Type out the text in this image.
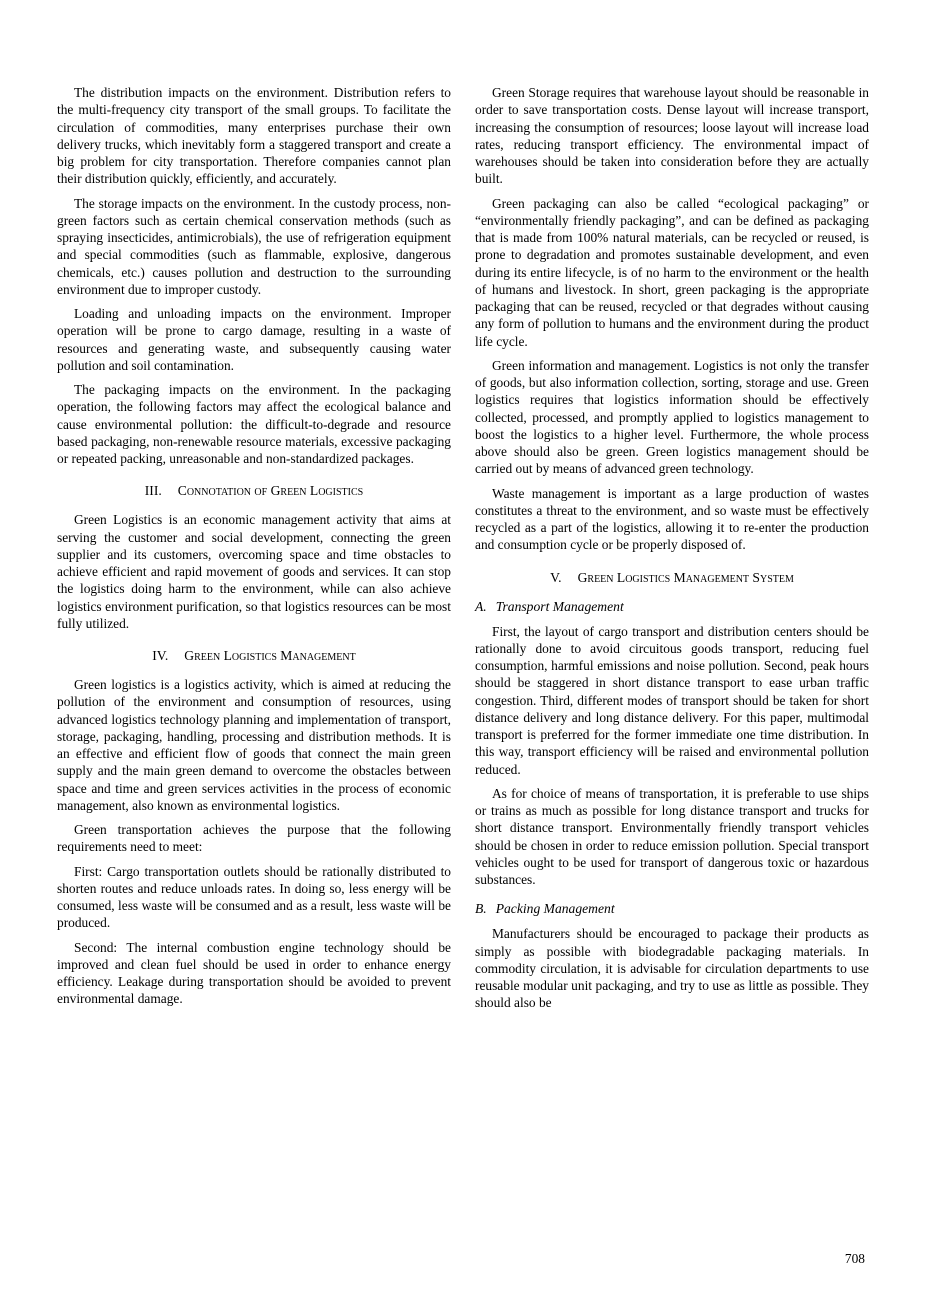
The distribution impacts on the environment. Distribution refers to the multi-frequency city transport of the small groups. To facilitate the circulation of commodities, many enterprises purchase their own delivery trucks, which inevitably form a staggered transport and create a big problem for city transportation. Therefore companies cannot plan their distribution quickly, efficiently, and accurately.

The storage impacts on the environment. In the custody process, non-green factors such as certain chemical conservation methods (such as spraying insecticides, antimicrobials), the use of refrigeration equipment and special commodities (such as flammable, explosive, dangerous chemicals, etc.) causes pollution and destruction to the surrounding environment due to improper custody.

Loading and unloading impacts on the environment. Improper operation will be prone to cargo damage, resulting in a waste of resources and generating waste, and subsequently causing water pollution and soil contamination.

The packaging impacts on the environment. In the packaging operation, the following factors may affect the ecological balance and cause environmental pollution: the difficult-to-degrade and resource based packaging, non-renewable resource materials, excessive packaging or repeated packing, unreasonable and non-standardized packages.

III. Connotation of Green Logistics

Green Logistics is an economic management activity that aims at serving the customer and social development, connecting the green supplier and its customers, overcoming space and time obstacles to achieve efficient and rapid movement of goods and services. It can stop the logistics doing harm to the environment, while can also achieve logistics environment purification, so that logistics resources can be most fully utilized.

IV. Green Logistics Management

Green logistics is a logistics activity, which is aimed at reducing the pollution of the environment and consumption of resources, using advanced logistics technology planning and implementation of transport, storage, packaging, handling, processing and distribution methods. It is an effective and efficient flow of goods that connect the main green supply and the main green demand to overcome the obstacles between space and time and green services activities in the process of economic management, also known as environmental logistics.

Green transportation achieves the purpose that the following requirements need to meet:

First: Cargo transportation outlets should be rationally distributed to shorten routes and reduce unloads rates. In doing so, less energy will be consumed, less waste will be consumed and as a result, less waste will be produced.

Second: The internal combustion engine technology should be improved and clean fuel should be used in order to enhance energy efficiency. Leakage during transportation should be avoided to prevent environmental damage.

Green Storage requires that warehouse layout should be reasonable in order to save transportation costs. Dense layout will increase transport, increasing the consumption of resources; loose layout will increase load rates, reducing transport efficiency. The environmental impact of warehouses should be taken into consideration before they are actually built.

Green packaging can also be called “ecological packaging” or “environmentally friendly packaging”, and can be defined as packaging that is made from 100% natural materials, can be recycled or reused, is prone to degradation and promotes sustainable development, and even during its entire lifecycle, is of no harm to the environment or the health of humans and livestock. In short, green packaging is the appropriate packaging that can be reused, recycled or that degrades without causing any form of pollution to humans and the environment during the product life cycle.

Green information and management. Logistics is not only the transfer of goods, but also information collection, sorting, storage and use. Green logistics requires that logistics information should be effectively collected, processed, and promptly applied to logistics management to boost the logistics to a higher level. Furthermore, the whole process above should also be green. Green logistics management should be carried out by means of advanced green technology.

Waste management is important as a large production of wastes constitutes a threat to the environment, and so waste must be effectively recycled as a part of the logistics, allowing it to re-enter the production and consumption cycle or be properly disposed of.

V. Green Logistics Management System
A. Transport Management

First, the layout of cargo transport and distribution centers should be rationally done to avoid circuitous goods transport, reducing fuel consumption, harmful emissions and noise pollution. Second, peak hours should be staggered in short distance transport to ease urban traffic congestion. Third, different modes of transport should be taken for short distance delivery and long distance delivery. For this paper, multimodal transport is preferred for the former immediate one time distribution. In this way, transport efficiency will be raised and environmental pollution reduced.

As for choice of means of transportation, it is preferable to use ships or trains as much as possible for long distance transport and trucks for short distance transport. Environmentally friendly transport vehicles should be chosen in order to reduce emission pollution. Special transport vehicles ought to be used for transport of dangerous toxic or hazardous substances.

B. Packing Management

Manufacturers should be encouraged to package their products as simply as possible with biodegradable packaging materials. In commodity circulation, it is advisable for circulation departments to use reusable modular unit packaging, and try to use as little as possible. They should also be

708
